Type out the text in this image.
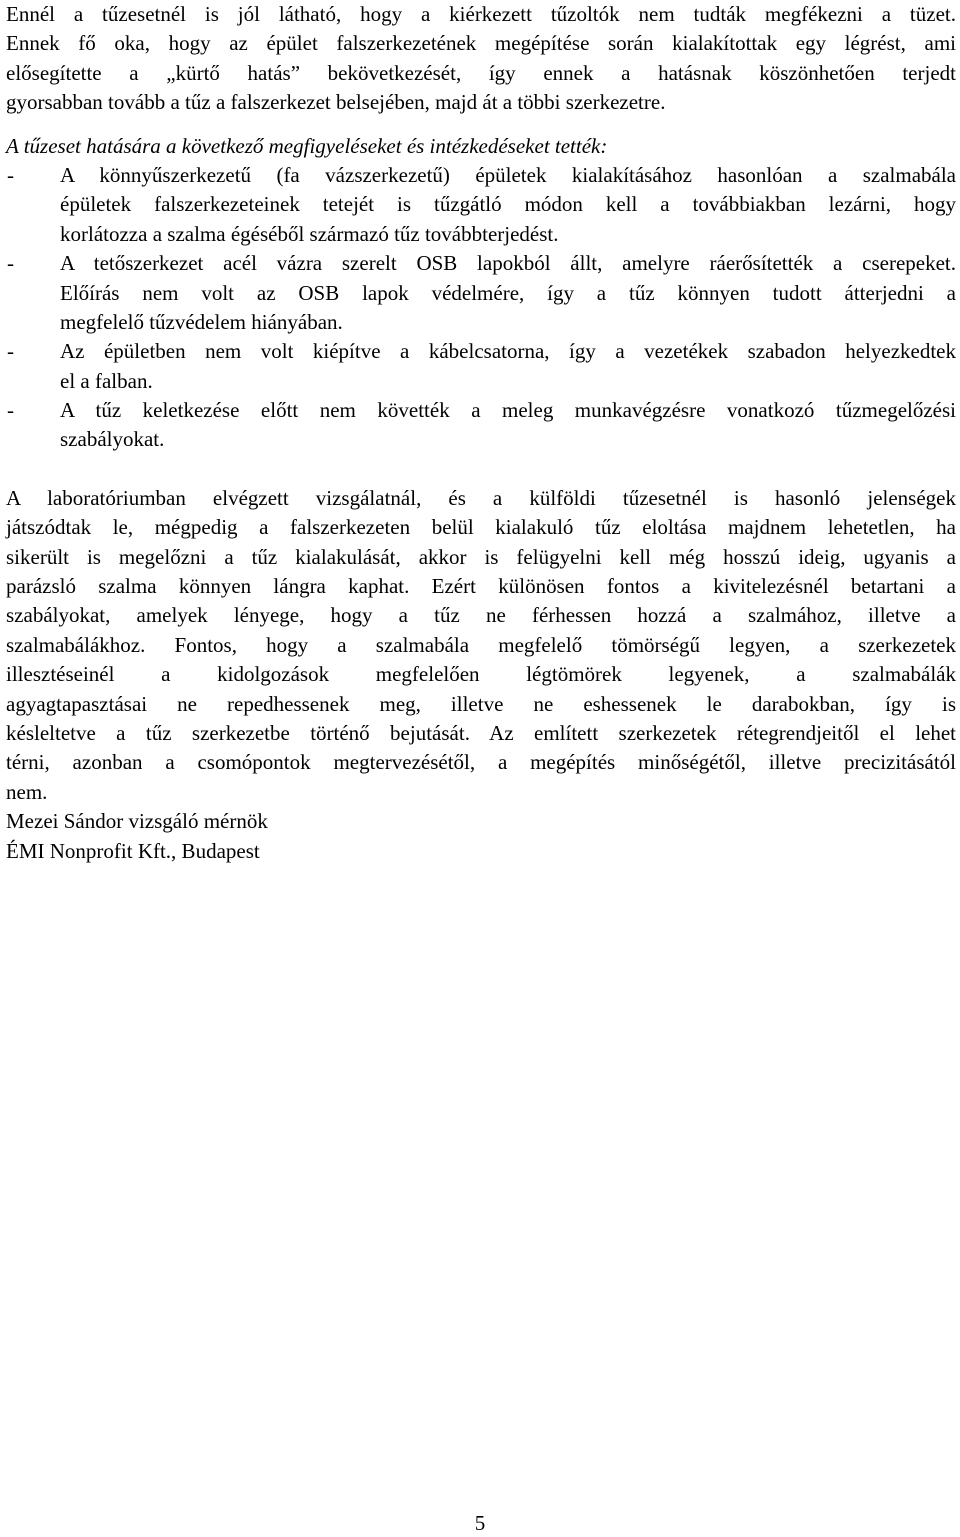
Ennél a tűzesetnél is jól látható, hogy a kiérkezett tűzoltók nem tudták megfékezni a tüzet.
Ennek fő oka, hogy az épület falszerkezetének megépítése során kialakítottak egy légrést, ami
elősegítette a „kürtő hatás” bekövetkezését, így ennek a hatásnak köszönhetően terjedt
gyorsabban tovább a tűz a falszerkezet belsejében, majd át a többi szerkezetre.
A tűzeset hatására a következő megfigyeléseket és intézkedéseket tették:
- A könnyűszerkezetű (fa vázszerkezetű) épületek kialakításához hasonlóan a szalmabála
épületek falszerkezeteinek tetejét is tűzgátló módon kell a továbbiakban lezárni, hogy
korlátozza a szalma égéséből származó tűz továbbterjedést.
- A tetőszerkezet acél vázra szerelt OSB lapokból állt, amelyre ráerősítették a cserepeket.
Előírás nem volt az OSB lapok védelmére, így a tűz könnyen tudott átterjedni a
megfelelő tűzvédelem hiányában.
- Az épületben nem volt kiépítve a kábelcsatorna, így a vezetékek szabadon helyezkedtek
el a falban.
- A tűz keletkezése előtt nem követték a meleg munkavégzésre vonatkozó tűzmegelőzési
szabályokat.
A laboratóriumban elvégzett vizsgálatnál, és a külföldi tűzesetnél is hasonló jelenségek
játszódtak le, mégpedig a falszerkezeten belül kialakuló tűz eloltása majdnem lehetetlen, ha
sikerült is megelőzni a tűz kialakulását, akkor is felügyelni kell még hosszú ideig, ugyanis a
parázsló szalma könnyen lángra kaphat. Ezért különösen fontos a kivitelezésnél betartani a
szabályokat, amelyek lényege, hogy a tűz ne férhessen hozzá a szalmához, illetve a
szalmabálákhoz. Fontos, hogy a szalmabála megfelelő tömörségű legyen, a szerkezetek
illesztéseinél a kidolgozások megfelelően légtömörek legyenek, a szalmabálák
agyagtapasztásai ne repedhessenek meg, illetve ne eshessenek le darabokban, így is
késleltetve a tűz szerkezetbe történő bejutását. Az említett szerkezetek rétegrendjeitől el lehet
térni, azonban a csomópontok megtervezésétől, a megépítés minőségétől, illetve precizitásától
nem.
Mezei Sándor vizsgáló mérnök
ÉMI Nonprofit Kft., Budapest
5
